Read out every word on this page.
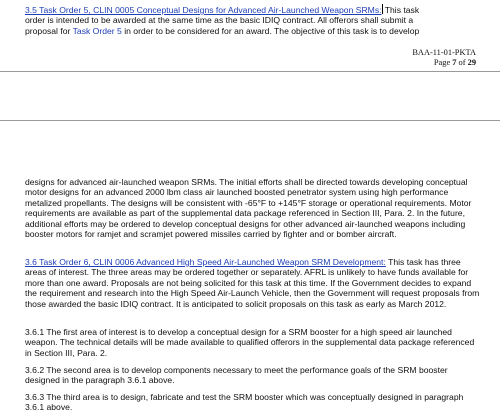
3.5 Task Order 5, CLIN 0005 Conceptual Designs for Advanced Air-Launched Weapon SRMs: This task
order is intended to be awarded at the same time as the basic IDIQ contract. All offerors shall submit a
proposal for Task Order 5 in order to be considered for an award. The objective of this task is to develop
BAA-11-01-PKTA
Page 7 of 29

designs for advanced air-launched weapon SRMs. The initial efforts shall be directed towards developing conceptual motor designs for an advanced 2000 lbm class air launched boosted penetrator system using high performance metalized propellants. The designs will be consistent with -65°F to +145°F storage or operational requirements. Motor requirements are available as part of the supplemental data package referenced in Section III, Para. 2. In the future, additional efforts may be ordered to develop conceptual designs for other advanced air-launched weapons including booster motors for ramjet and scramjet powered missiles carried by fighter and or bomber aircraft.

3.6 Task Order 6, CLIN 0006 Advanced High Speed Air-Launched Weapon SRM Development: This task has three areas of interest. The three areas may be ordered together or separately. AFRL is unlikely to have funds available for more than one award. Proposals are not being solicited for this task at this time. If the Government decides to expand the requirement and research into the High Speed Air-Launch Vehicle, then the Government will request proposals from those awarded the basic IDIQ contract. It is anticipated to solicit proposals on this task as early as March 2012.

3.6.1 The first area of interest is to develop a conceptual design for a SRM booster for a high speed air launched weapon. The technical details will be made available to qualified offerors in the supplemental data package referenced in Section III, Para. 2.

3.6.2 The second area is to develop components necessary to meet the performance goals of the SRM booster designed in the paragraph 3.6.1 above.

3.6.3 The third area is to design, fabricate and test the SRM booster which was conceptually designed in paragraph 3.6.1 above.
